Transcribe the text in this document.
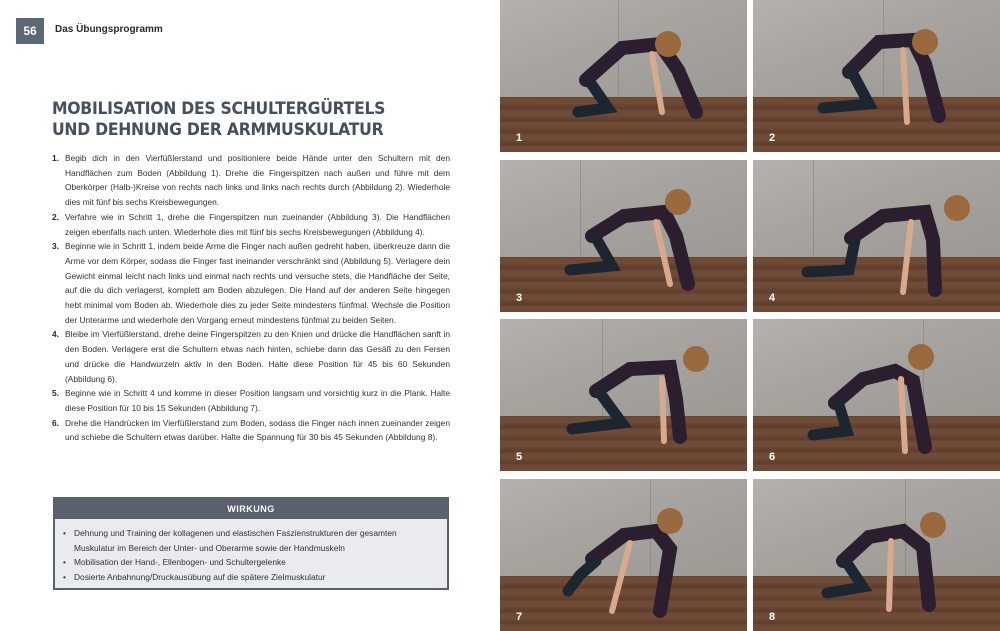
56	Das Übungsprogramm
MOBILISATION DES SCHULTERGÜRTELS UND DEHNUNG DER ARMMUSKULATUR
1. Begib dich in den Vierfüßlerstand und positioniere beide Hände unter den Schultern mit den Handflächen zum Boden (Abbildung 1). Drehe die Fingerspitzen nach außen und führe mit dem Oberkörper (Halb-)Kreise von rechts nach links und links nach rechts durch (Abbildung 2). Wiederhole dies mit fünf bis sechs Kreisbewegungen.
2. Verfahre wie in Schritt 1, drehe die Fingerspitzen nun zueinander (Abbildung 3). Die Handflächen zeigen ebenfalls nach unten. Wiederhole dies mit fünf bis sechs Kreisbewegungen (Abbildung 4).
3. Beginne wie in Schritt 1, indem beide Arme die Finger nach außen gedreht haben, überkreuze dann die Arme vor dem Körper, sodass die Finger fast ineinander verschränkt sind (Abbildung 5). Verlagere dein Gewicht einmal leicht nach links und einmal nach rechts und versuche stets, die Handfläche der Seite, auf die du dich verlagerst, komplett am Boden abzulegen. Die Hand auf der anderen Seite hingegen hebt minimal vom Boden ab. Wiederhole dies zu jeder Seite mindestens fünfmal. Wechsle die Position der Unterarme und wiederhole den Vorgang erneut mindestens fünfmal zu beiden Seiten.
4. Bleibe im Vierfüßlerstand, drehe deine Fingerspitzen zu den Knien und drücke die Handflächen sanft in den Boden. Verlagere erst die Schultern etwas nach hinten, schiebe dann das Gesäß zu den Fersen und drücke die Handwurzeln aktiv in den Boden. Halte diese Position für 45 bis 60 Sekunden (Abbildung 6).
5. Beginne wie in Schritt 4 und komme in dieser Position langsam und vorsichtig kurz in die Plank. Halte diese Position für 10 bis 15 Sekunden (Abbildung 7).
6. Drehe die Handrücken im Vierfüßlerstand zum Boden, sodass die Finger nach innen zueinander zeigen und schiebe die Schultern etwas darüber. Halte die Spannung für 30 bis 45 Sekunden (Abbildung 8).
WIRKUNG
• Dehnung und Training der kollagenen und elastischen Faszienstrukturen der gesamten Muskulatur im Bereich der Unter- und Oberarme sowie der Handmuskeln
• Mobilisation der Hand-, Ellenbogen- und Schultergelenke
• Dosierte Anbahnung/Druckausübung auf die spätere Zielmuskulatur
1	2
3	4
5	6
7	8
